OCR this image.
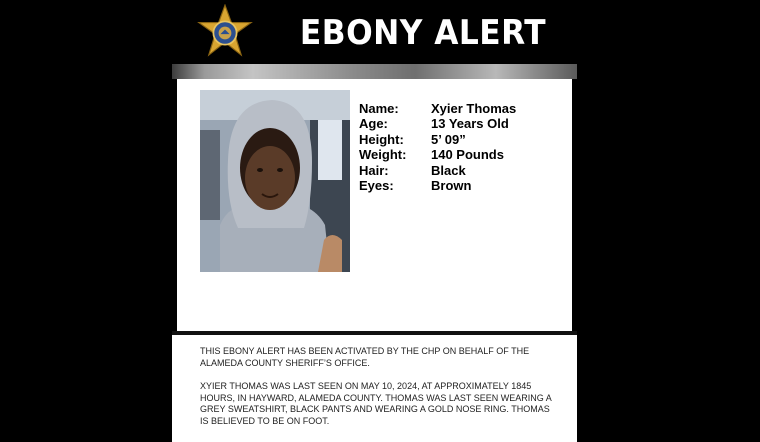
EBONY ALERT
Name:	Xyier Thomas
Age:	13 Years Old
Height:	5’ 09”
Weight:	140 Pounds
Hair:	Black
Eyes:	Brown

THIS EBONY ALERT HAS BEEN ACTIVATED BY THE CHP ON BEHALF OF THE ALAMEDA COUNTY SHERIFF’S OFFICE.

XYIER THOMAS WAS LAST SEEN ON MAY 10, 2024, AT APPROXIMATELY 1845 HOURS, IN HAYWARD, ALAMEDA COUNTY. THOMAS WAS LAST SEEN WEARING A GREY SWEATSHIRT, BLACK PANTS AND WEARING A GOLD NOSE RING. THOMAS IS BELIEVED TO BE ON FOOT.
